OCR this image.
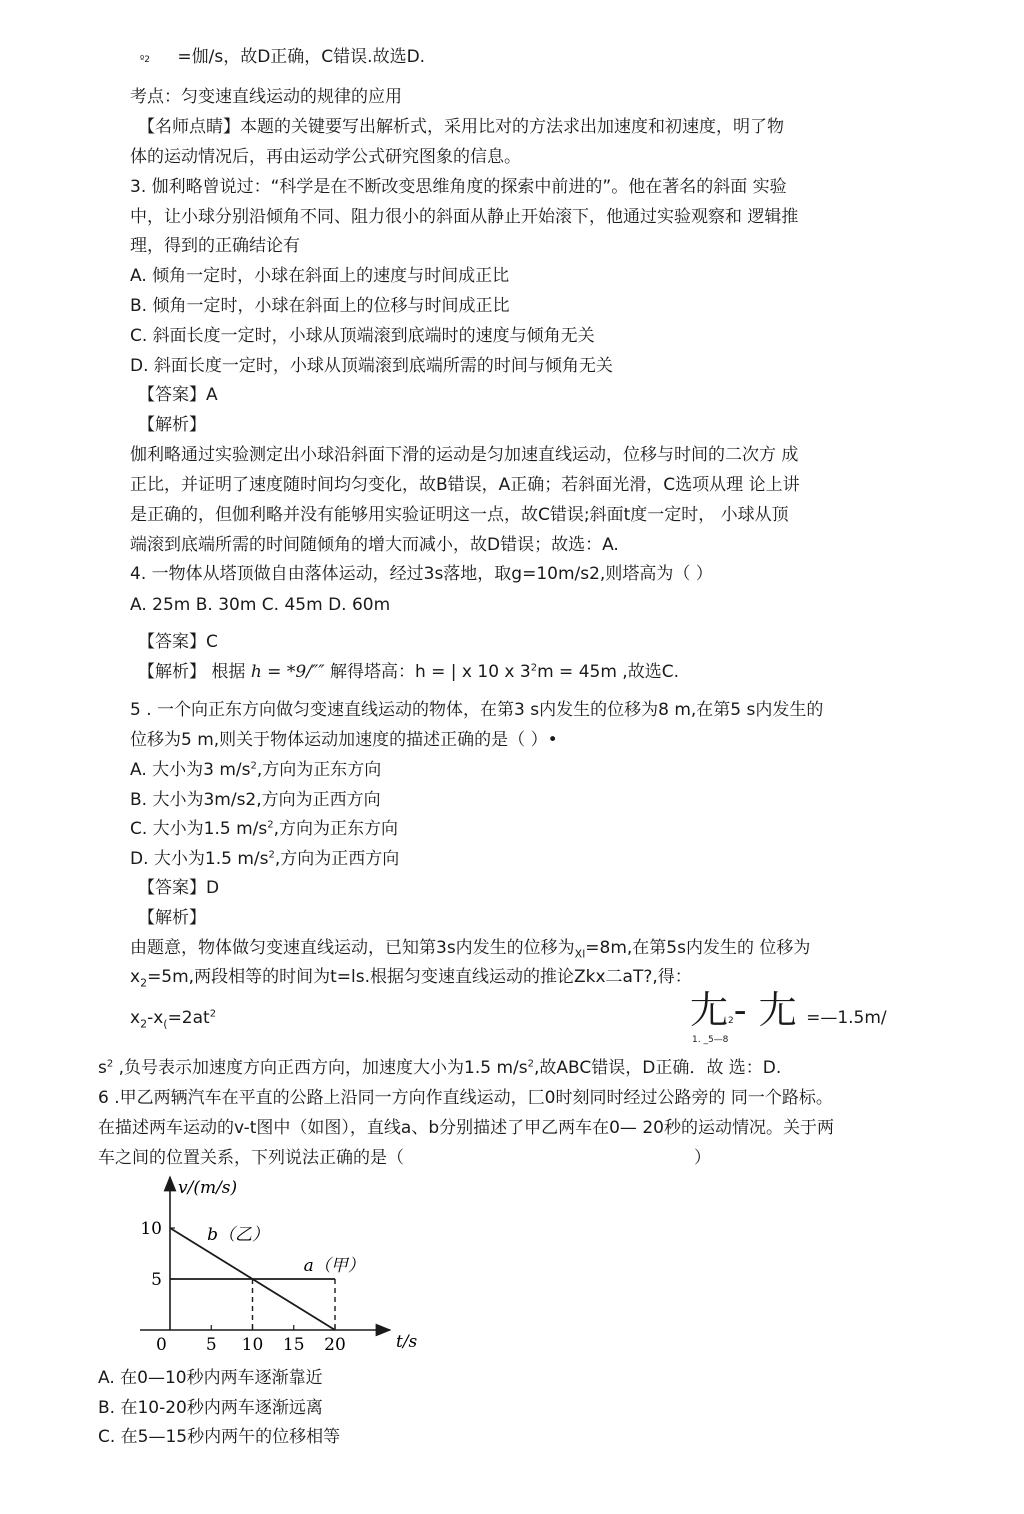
º2 =伽/s，故D正确，C错误.故选D.
考点：匀变速直线运动的规律的应用
【名师点睛】本题的关键要写出解析式，采用比对的方法求出加速度和初速度，明了物
体的运动情况后，再由运动学公式研究图象的信息。
3. 伽利略曾说过：“科学是在不断改变思维角度的探索中前进的”。他在著名的斜面 实验
中，让小球分别沿倾角不同、阻力很小的斜面从静止开始滚下，他通过实验观察和 逻辑推
理，得到的正确结论有
A. 倾角一定时，小球在斜面上的速度与时间成正比
B. 倾角一定时，小球在斜面上的位移与时间成正比
C. 斜面长度一定时，小球从顶端滚到底端时的速度与倾角无关
D. 斜面长度一定时，小球从顶端滚到底端所需的时间与倾角无关
【答案】A
【解析】
伽利略通过实验测定出小球沿斜面下滑的运动是匀加速直线运动，位移与时间的二次方 成
正比，并证明了速度随时间均匀变化，故B错误，A正确；若斜面光滑，C选项从理 论上讲
是正确的，但伽利略并没有能够用实验证明这一点，故C错误;斜面t度一定时， 小球从顶
端滚到底端所需的时间随倾角的增大而减小，故D错误；故选：A.
4. 一物体从塔顶做自由落体运动，经过3s落地，取g=10m/s2,则塔高为（ ）
A. 25m B. 30m C. 45m D. 60m
【答案】C
【解析】 根据 h = *9/″″ 解得塔高：h = | x 10 x $3^2m = 45m$ ,故选C.
5 . 一个向正东方向做匀变速直线运动的物体，在第3 s内发生的位移为8 m,在第5 s内发生的
位移为5 m,则关于物体运动加速度的描述正确的是（ ）•
A. 大小为3 $m/s^2$,方向为正东方向
B. 大小为3m/s2,方向为正西方向
C. 大小为1.5 $m/s^2$,方向为正东方向
D. 大小为1.5 $m/s^2$,方向为正西方向
【答案】D
【解析】
由题意，物体做匀变速直线运动，已知第3s内发生的位移为$_{Xl}$=8m,在第5s内发生的 位移为
$x_2=5m$,两段相等的时间为t=ls.根据匀变速直线运动的推论Zkx二aT?,得：
$x_2-x_(=2at^2$	尢2- 尢 =—1.5m/
1. _5—8
$s^2$ ,负号表示加速度方向正西方向，加速度大小为1.5 $m/s^2$,故ABC错误，D正确．故 选：D.
6 .甲乙两辆汽车在平直的公路上沿同一方向作直线运动，匚0时刻同时经过公路旁的 同一个路标。
在描述两车运动的v-t图中（如图），直线a、b分别描述了甲乙两车在0— 20秒的运动情况。关于两
车之间的位置关系，下列说法正确的是（	）
v/(m/s)
t/s
0 5 10 15 20
10
5
b（乙）
a（甲）
A. 在0—10秒内两车逐渐靠近
B. 在10-20秒内两车逐渐远离
C. 在5—15秒内两午的位移相等
